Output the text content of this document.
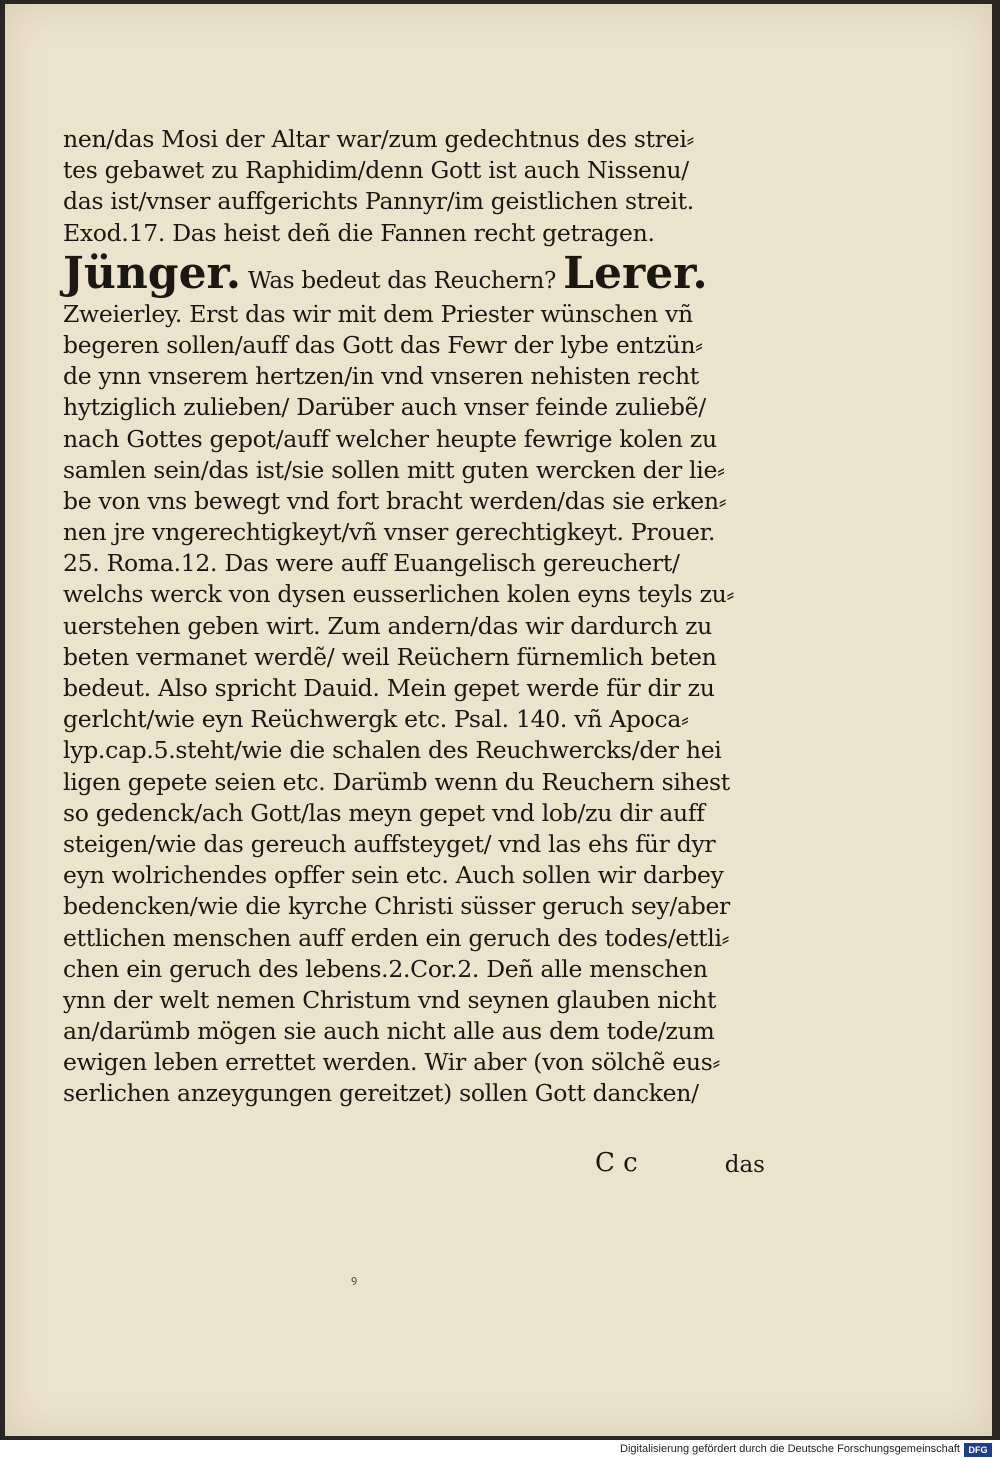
nen/das Mosi der Altar war/zum gedechtnus des strei⸗
tes gebawet zu Raphidim/denn Gott ist auch Nissenu/
das ist/vnser auffgerichts Pannyr/im geistlichen streit.
Exod.17. Das heist deñ die Fannen recht getragen.
Jünger. Was bedeut das Reuchern? Lerer.
Zweierley. Erst das wir mit dem Priester wünschen vñ
begeren sollen/auff das Gott das Fewr der lybe entzün⸗
de ynn vnserem hertzen/in vnd vnseren nehisten recht
hytziglich zulieben/ Darüber auch vnser feinde zuliebẽ/
nach Gottes gepot/auff welcher heupte fewrige kolen zu
samlen sein/das ist/sie sollen mitt guten wercken der lie⸗
be von vns bewegt vnd fort bracht werden/das sie erken⸗
nen jre vngerechtigkeyt/vñ vnser gerechtigkeyt. Prouer.
25. Roma.12. Das were auff Euangelisch gereuchert/
welchs werck von dysen eusserlichen kolen eyns teyls zu⸗
uerstehen geben wirt. Zum andern/das wir dardurch zu
beten vermanet werdẽ/ weil Reüchern fürnemlich beten
bedeut. Also spricht Dauid. Mein gepet werde für dir zu
gerlcht/wie eyn Reüchwergk etc. Psal. 140. vñ Apoca⸗
lyp.cap.5.steht/wie die schalen des Reuchwercks/der hei
ligen gepete seien etc. Darümb wenn du Reuchern sihest
so gedenck/ach Gott/las meyn gepet vnd lob/zu dir auff
steigen/wie das gereuch auffsteyget/ vnd las ehs für dyr
eyn wolrichendes opffer sein etc. Auch sollen wir darbey
bedencken/wie die kyrche Christi süsser geruch sey/aber
ettlichen menschen auff erden ein geruch des todes/ettli⸗
chen ein geruch des lebens.2.Cor.2. Deñ alle menschen
ynn der welt nemen Christum vnd seynen glauben nicht
an/darümb mögen sie auch nicht alle aus dem tode/zum
ewigen leben errettet werden. Wir aber (von sölchẽ eus⸗
serlichen anzeygungen gereitzet) sollen Gott dancken/
C c	das
ꝰ
Digitalisierung gefördert durch die Deutsche Forschungsgemeinschaft DFG
